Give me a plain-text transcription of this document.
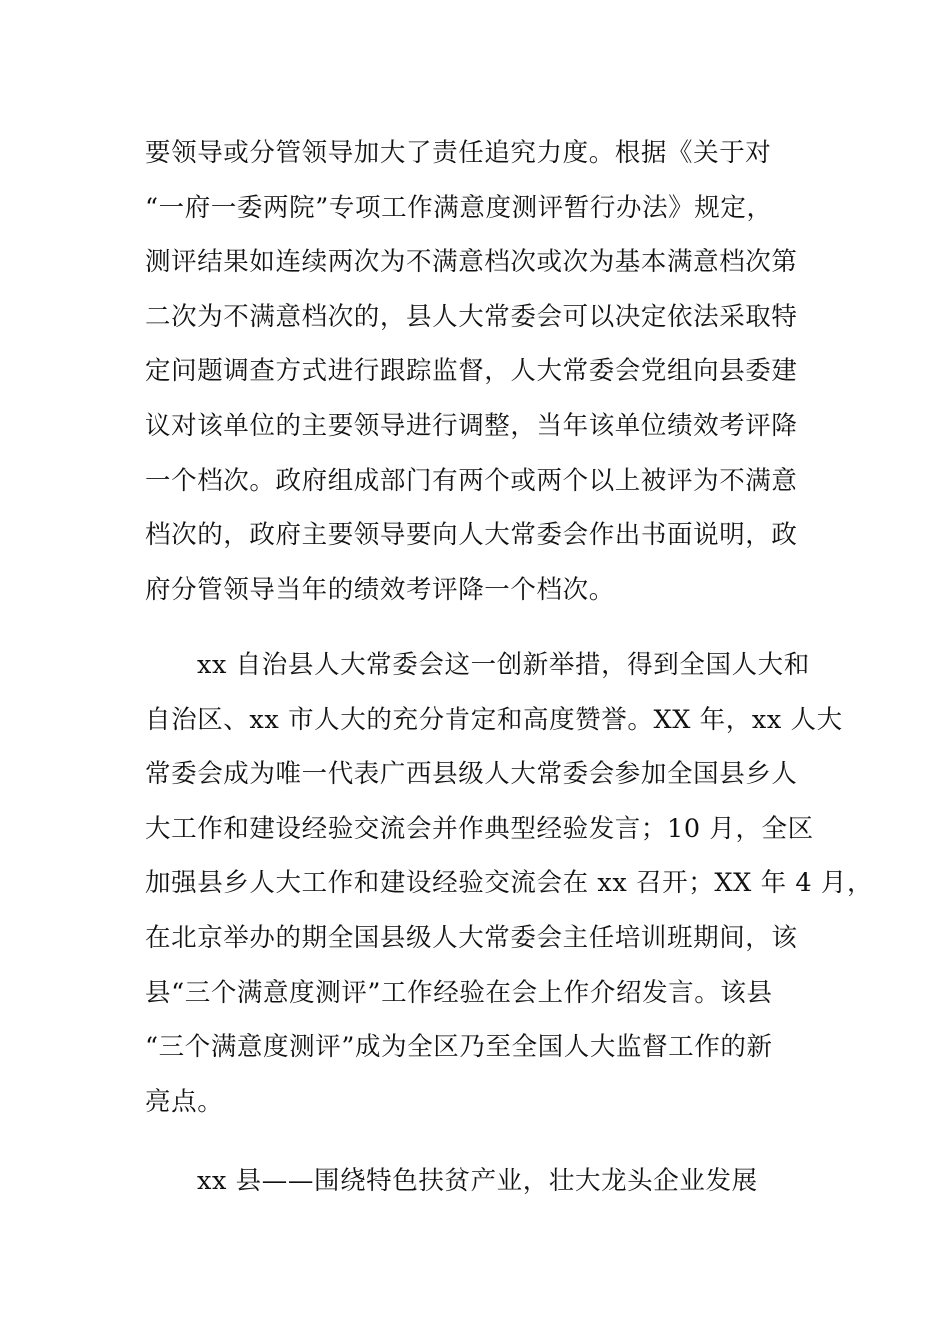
要领导或分管领导加大了责任追究力度。根据《关于对
“一府一委两院”专项工作满意度测评暂行办法》规定，
测评结果如连续两次为不满意档次或次为基本满意档次第
二次为不满意档次的，县人大常委会可以决定依法采取特
定问题调查方式进行跟踪监督，人大常委会党组向县委建
议对该单位的主要领导进行调整，当年该单位绩效考评降
一个档次。政府组成部门有两个或两个以上被评为不满意
档次的，政府主要领导要向人大常委会作出书面说明，政
府分管领导当年的绩效考评降一个档次。
xx 自治县人大常委会这一创新举措，得到全国人大和
自治区、xx 市人大的充分肯定和高度赞誉。XX 年，xx 人大
常委会成为唯一代表广西县级人大常委会参加全国县乡人
大工作和建设经验交流会并作典型经验发言；10 月，全区
加强县乡人大工作和建设经验交流会在 xx 召开；XX 年 4 月，
在北京举办的期全国县级人大常委会主任培训班期间，该
县“三个满意度测评”工作经验在会上作介绍发言。该县
“三个满意度测评”成为全区乃至全国人大监督工作的新
亮点。
xx 县——围绕特色扶贫产业，壮大龙头企业发展
